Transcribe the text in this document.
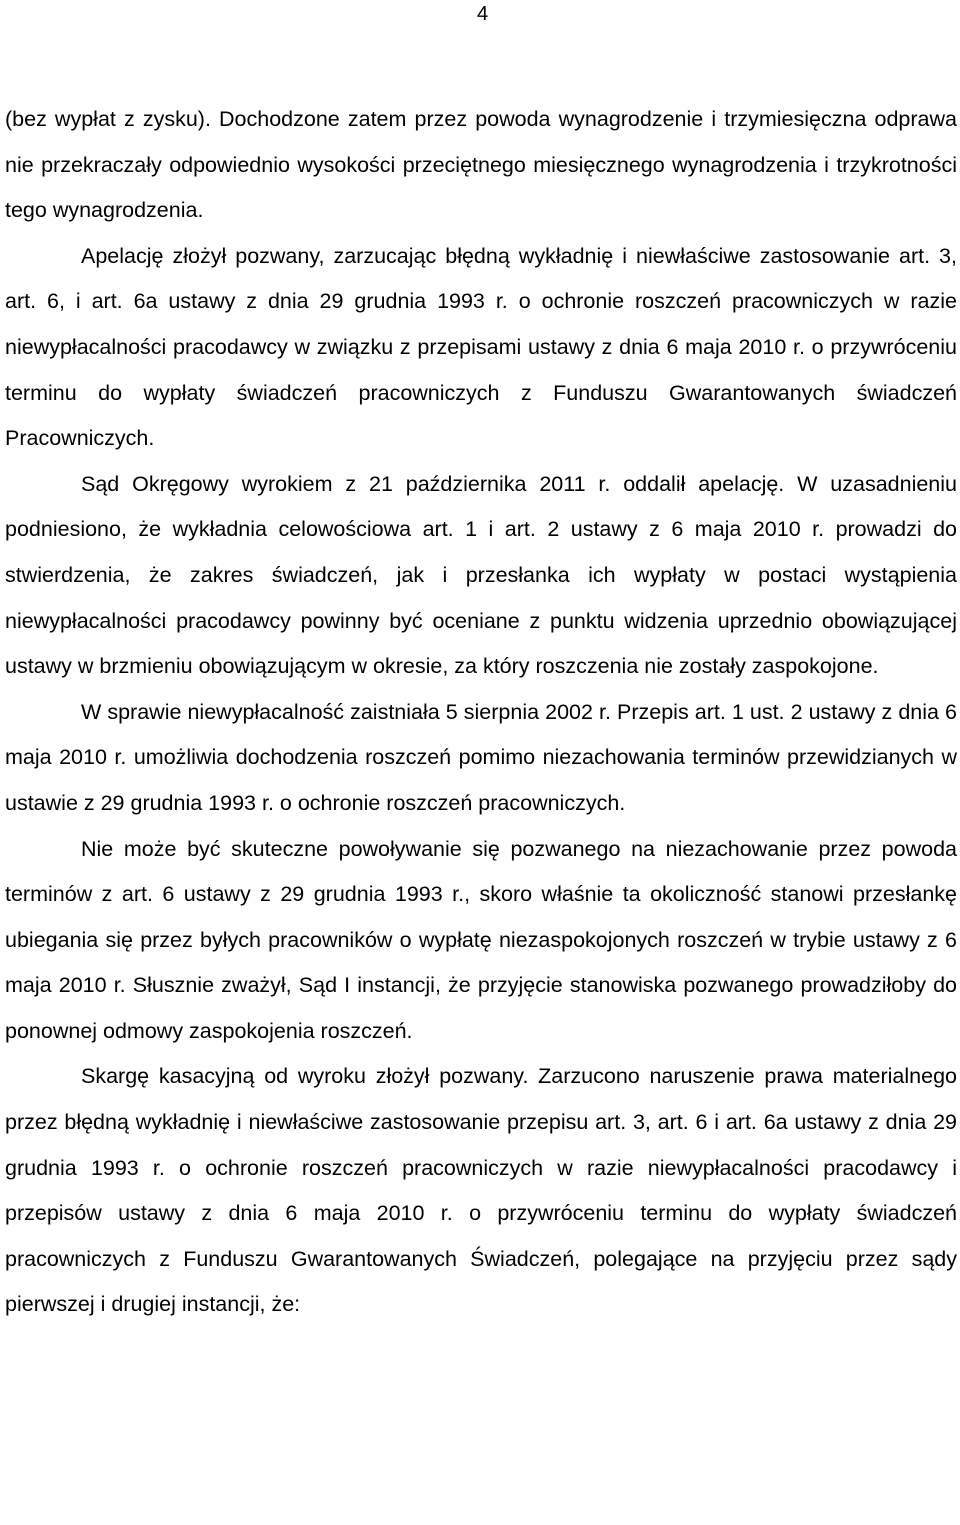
4

(bez wypłat z zysku). Dochodzone zatem przez powoda wynagrodzenie i trzymiesięczna odprawa nie przekraczały odpowiednio wysokości przeciętnego miesięcznego wynagrodzenia i trzykrotności tego wynagrodzenia.

Apelację złożył pozwany, zarzucając błędną wykładnię i niewłaściwe zastosowanie art. 3, art. 6, i art. 6a ustawy z dnia 29 grudnia 1993 r. o ochronie roszczeń pracowniczych w razie niewypłacalności pracodawcy w związku z przepisami ustawy z dnia 6 maja 2010 r. o przywróceniu terminu do wypłaty świadczeń pracowniczych z Funduszu Gwarantowanych świadczeń Pracowniczych.

Sąd Okręgowy wyrokiem z 21 października 2011 r. oddalił apelację. W uzasadnieniu podniesiono, że wykładnia celowościowa art. 1 i art. 2 ustawy z 6 maja 2010 r. prowadzi do stwierdzenia, że zakres świadczeń, jak i przesłanka ich wypłaty w postaci wystąpienia niewypłacalności pracodawcy powinny być oceniane z punktu widzenia uprzednio obowiązującej ustawy w brzmieniu obowiązującym w okresie, za który roszczenia nie zostały zaspokojone.

W sprawie niewypłacalność zaistniała 5 sierpnia 2002 r. Przepis art. 1 ust. 2 ustawy z dnia 6 maja 2010 r. umożliwia dochodzenia roszczeń pomimo niezachowania terminów przewidzianych w ustawie z 29 grudnia 1993 r. o ochronie roszczeń pracowniczych.

Nie może być skuteczne powoływanie się pozwanego na niezachowanie przez powoda terminów z art. 6 ustawy z 29 grudnia 1993 r., skoro właśnie ta okoliczność stanowi przesłankę ubiegania się przez byłych pracowników o wypłatę niezaspokojonych roszczeń w trybie ustawy z 6 maja 2010 r. Słusznie zważył, Sąd I instancji, że przyjęcie stanowiska pozwanego prowadziłoby do ponownej odmowy zaspokojenia roszczeń.

Skargę kasacyjną od wyroku złożył pozwany. Zarzucono naruszenie prawa materialnego przez błędną wykładnię i niewłaściwe zastosowanie przepisu art. 3, art. 6 i art. 6a ustawy z dnia 29 grudnia 1993 r. o ochronie roszczeń pracowniczych w razie niewypłacalności pracodawcy i przepisów ustawy z dnia 6 maja 2010 r. o przywróceniu terminu do wypłaty świadczeń pracowniczych z Funduszu Gwarantowanych Świadczeń, polegające na przyjęciu przez sądy pierwszej i drugiej instancji, że:
